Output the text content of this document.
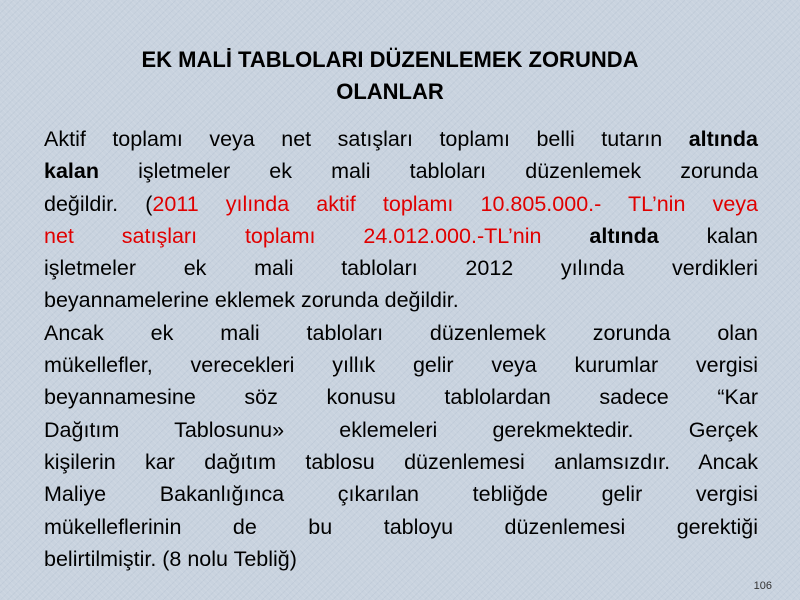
EK MALİ TABLOLARI DÜZENLEMEK ZORUNDA
OLANLAR
Aktif toplamı veya net satışları toplamı belli tutarın altında
kalan işletmeler ek mali tabloları düzenlemek zorunda
değildir. (2011 yılında aktif toplamı 10.805.000.- TL’nin veya
net satışları toplamı 24.012.000.-TL’nin altında kalan
işletmeler ek mali tabloları 2012 yılında verdikleri
beyannamelerine eklemek zorunda değildir.
Ancak ek mali tabloları düzenlemek zorunda olan
mükellefler, verecekleri yıllık gelir veya kurumlar vergisi
beyannamesine söz konusu tablolardan sadece “Kar
Dağıtım Tablosunu» eklemeleri gerekmektedir. Gerçek
kişilerin kar dağıtım tablosu düzenlemesi anlamsızdır. Ancak
Maliye Bakanlığınca çıkarılan tebliğde gelir vergisi
mükelleflerinin de bu tabloyu düzenlemesi gerektiği
belirtilmiştir. (8 nolu Tebliğ)
106
